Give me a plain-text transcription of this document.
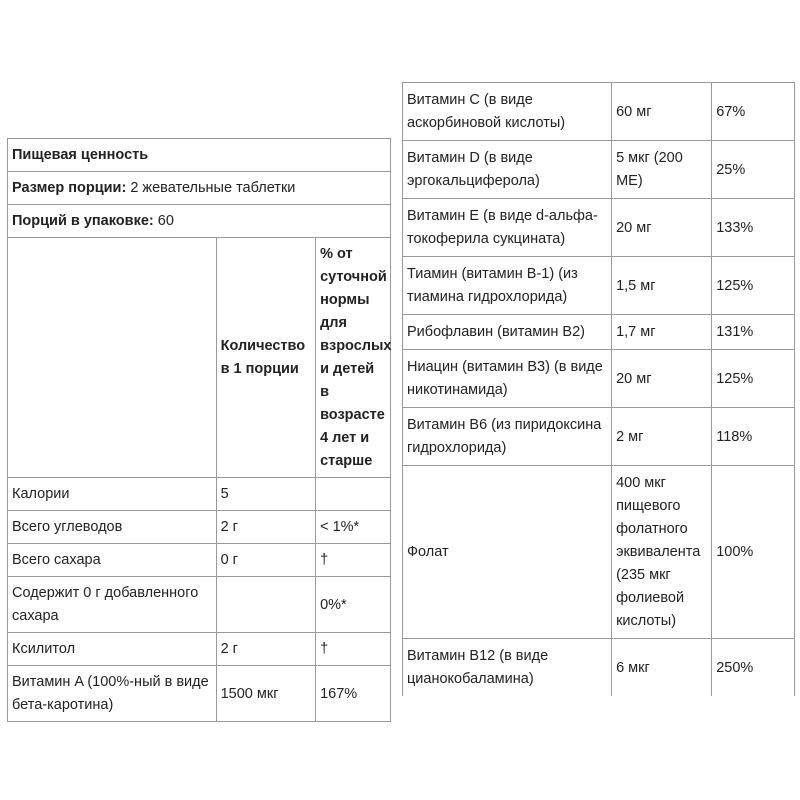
Пищевая ценность		
Размер порции: 2 жевательные таблетки		
Порций в упаковке: 60		
	Количество в 1 порции	% от суточной нормы для взрослых и детей в возрасте 4 лет и старше
Калории	5	
Всего углеводов	2 г	< 1%*
Всего сахара	0 г	†
Содержит 0 г добавленного сахара		0%*
Ксилитол	2 г	†
Витамин A (100%-ный в виде бета-каротина)	1500 мкг	167%
Витамин C (в виде аскорбиновой кислоты)	60 мг	67%
Витамин D (в виде эргокальциферола)	5 мкг (200 МЕ)	25%
Витамин E (в виде d-альфа-токоферила сукцината)	20 мг	133%
Тиамин (витамин B-1) (из тиамина гидрохлорида)	1,5 мг	125%
Рибофлавин (витамин B2)	1,7 мг	131%
Ниацин (витамин B3) (в виде никотинамида)	20 мг	125%
Витамин B6 (из пиридоксина гидрохлорида)	2 мг	118%
Фолат	400 мкг пищевого фолатного эквивалента (235 мкг фолиевой кислоты)	100%
Витамин B12 (в виде цианокобаламина)	6 мкг	250%
